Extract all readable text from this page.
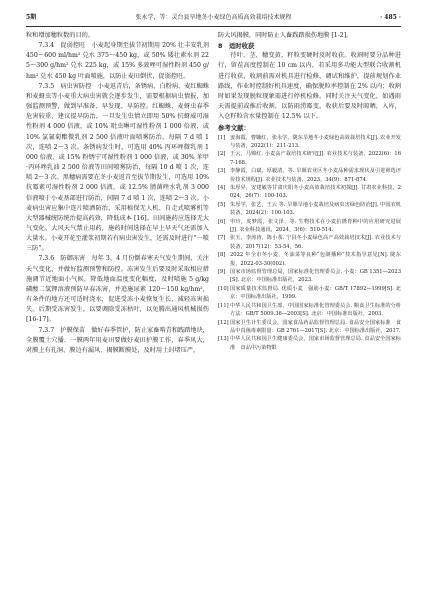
5期	张永学，等：灵台县旱地冬小麦绿色高质高效栽培技术规程	· 485 ·

粒和增加穗粒数的目的。

7.3.4　促弱控旺　小麦起身期至拔节初期用 20% 壮丰安乳剂 450～600 ml/hm² 兑水 375～450 kg，或 50% 矮壮素水剂 225～300 g/hm² 兑水 225 kg，或 15% 多效唑可湿性粉剂 450 g/hm² 兑水 450 kg 叶面喷施，以防止麦田倒伏，促弱控旺。

7.3.5　病虫害防控　小麦返青后，条锈病、白粉病、麦红蜘蛛和麦蚜虫等小麦重大病虫害就会逐步发生，需要根据病虫情报，加强监测预警，做到早准备、早发现、早防控。红蜘蛛、麦蚜虫春季危害较重，建议提早防治，一旦发生虫情立即用 50% 抗蚜威可湿性粉剂 4 000 倍液，或 10% 吡虫啉可湿性粉剂 1 000 倍液，或 10% 氯氰菊酯微乳剂 2 500 倍液叶面喷雾防治，每隔 7 d 喷 1 次，连喷 2～3 次。条锈病发生时，可选用 40% 丙环唑微乳剂 1 000 倍液，或 15% 粉锈宁可湿性粉剂 1 000 倍液，或 30% 苯甲·丙环唑乳油 2 500 倍液等田间喷雾防治，每隔 10 d 喷 1 次，连喷 2～3 次。黑穗病需要在冬小麦返青至拔节期发生，可选用 10% 抗霉素可湿性粉剂 2 000 倍液，或 12.5% 腈菌唑水乳剂 3 000 倍液喷于小麦基部进行防治，间隔 7 d 喷 1 次，连喷 2～3 次。小麦病虫害应集中连片喷洒防治，采用植保无人机、自走式喷雾机等大型器械统防统治提高药效，降低成本 [16]。田间施药应选择无大气变化、大风天气禁止用药，施药时间选择在早上早天气还需加入大量水。小麦开花至灌浆初期若有病虫害发生，还需及时进行“一喷三防”。

7.3.6　防御冻害　每年 3、4 月份倒春寒天气发生期间，关注天气变化，并做好监测预警和防控。冻害发生后要及时采取相应措施调节近地面小气候，降低地面温度变化幅度，及时喷施 5 g/kg 磷酸二氢钾溶液预防早春冻害，并追施尿素 120～150 kg/hm²，有条件的地方还可适时浇水，促进受冻小麦恢复生长，减轻冻害损失。后期受冻害发生，以要调除受冻枯叶，以免腾出通风机械损伤 [16-17]。

7.3.7　护膜保苗　做好春季管护，防止家畜啃青和践踏地块，全膜覆土穴播、一膜两年用麦田要做好麦田护膜工作，春季风大，对膜上有孔洞、膜边有漏风、揭膜断膜处，及时用土封堵压严，

防大风揭膜，同时防止人畜践踏损伤地膜 [1-2]。

8　适时收获

待叶、茎、穗变黄，籽粒变硬时及时收获。收割时要分品种进行，留茬高度控制在 10 cm 以内，若采用多功能大型联合收割机进行收获，收割前需对机具进行检修、调试和维护，提前规划作业路线，作业时控制好机具速度，确保脱粒率控制在 2% 以内；收割时如果发现脱粒现象需进行停机检修。同时关注天气变化，如遇雨天需提前或推后收割，以防雨涝霉变。收获后要及时晾晒，入库，入仓籽粒含水量控制在 12.5% 以下。

参考文献：

[1] 姜海霞，曹镛红，张永学，陇东旱地冬小麦绿色高效栽培技术[J]. 农业开发与装备，2022(1)：211-213.
[2] 王云，马锦红. 小麦高产栽培技术研究[J]. 农业技术与装备，2022(6)：167-168.
[3] 李静霞，白斌，厚毅清，等. 旱塬农业区冬小麦品种需求现状及引进筛选评价技术规程[J]. 农业技术与装备，2023，34(9)：871-874.
[4] 朱厚昇，安建敏等甘肃庆阳冬小麦高效栽培技术初探[J]. 甘肃农业科技，2024，26(7)：100-103.
[5] 朱厚学，张艺，王云 等. 旱塬旱地小麦栽培及病虫害绿色防治[J]. 中国农机装备，2024(2)：100-103.
[6] 申玲，虎梦霞，张文泽，等. 生物技术在小麦抗锈育种中的应用研究进展[J]. 农业科技通讯，2024，3(6)：510-514.
[7] 张玉，李涛涛，陈小茶. 宁县冬小麦绿色高产高效栽培技术[J]. 农业技术与装备，2017(12)：53-54，56.
[8] 2022 年全市冬小麦、冬油菜等良种“包制播种”技术指导意见[N]. 陇东报，2022-03-30(002).
[9] 国家市场监督管理总局，国家标准化管理委员会. 小麦：GB 1351—2023[S]. 北京：中国标准出版社，2023.
[10] 国家质量技术监督局. 优质小麦　强筋小麦：GB/T 17892—1999[S]. 北京：中国标准出版社，1999.
[11] 中华人民共和国卫生部，中国国家标准化管理委员会. 粮食卫生标准的分析方法：GB/T 5009.36—2003[S]. 北京：中国标准出版社，2003.
[12] 国家卫生计生委员会，国家食品药品监督管理总局. 食品安全国家标准　食品中真菌毒素限量：GB 2761—2017[S]. 北京：中国标准出版社，2017.
[13] 中华人民共和国卫生健康委员会，国家市场监督管理总局. 食品安全国家标准　食品中污染物限
